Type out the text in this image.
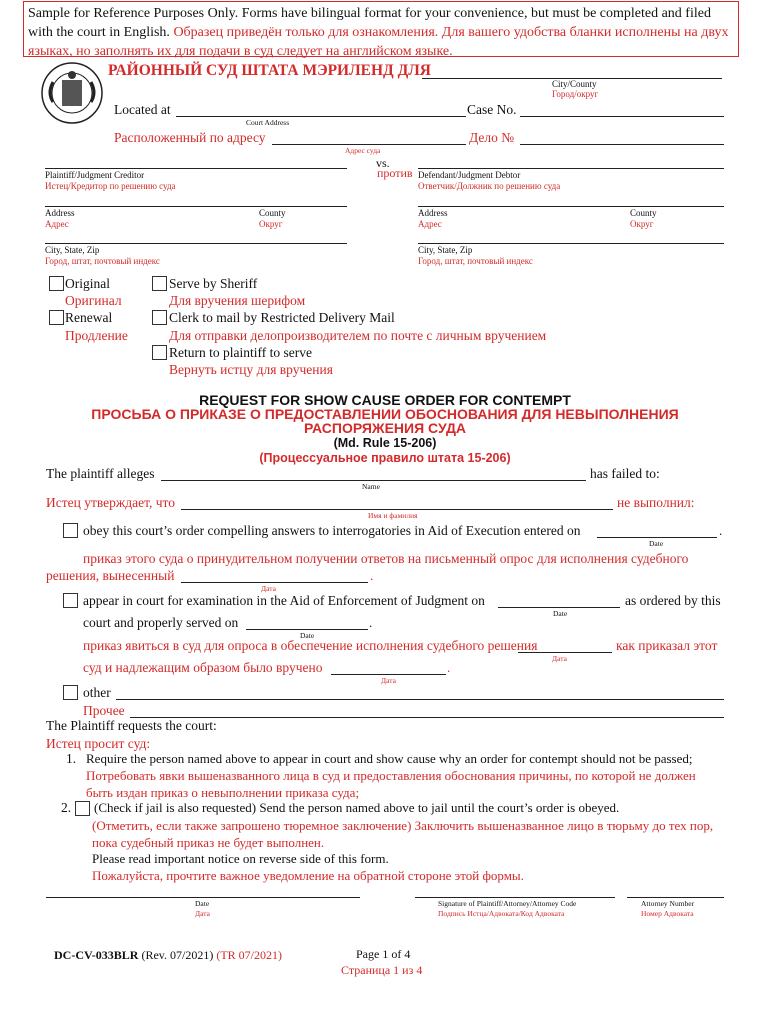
Sample for Reference Purposes Only. Forms have bilingual format for your convenience, but must be completed and filed with the court in English. Образец приведён только для ознакомления. Для вашего удобства бланки исполнены на двух языках, но заполнять их для подачи в суд следует на английском языке.
РАЙОННЫЙ СУД ШТАТА МЭРИЛЕНД ДЛЯ
City/County
Город/округ
Located at
Court Address
Case No.
Расположенный по адресу
Адрес суда
Дело №
vs.
против
Plaintiff/Judgment Creditor
Истец/Кредитор по решению суда
Defendant/Judgment Debtor
Ответчик/Должник по решению суда
Address
Адрес
County
Округ
Address
Адрес
County
Округ
City, State, Zip
Город, штат, почтовый индекс
City, State, Zip
Город, штат, почтовый индекс
Original
Оригинал
Renewal
Продление
Serve by Sheriff
Для вручения шерифом
Clerk to mail by Restricted Delivery Mail
Для отправки делопроизводителем по почте с личным вручением
Return to plaintiff to serve
Вернуть истцу для вручения
REQUEST FOR SHOW CAUSE ORDER FOR CONTEMPT
ПРОСЬБА О ПРИКАЗЕ О ПРЕДОСТАВЛЕНИИ ОБОСНОВАНИЯ ДЛЯ НЕВЫПОЛНЕНИЯ
РАСПОРЯЖЕНИЯ СУДА
(Md. Rule 15-206)
(Процессуальное правило штата 15-206)
The plaintiff alleges
Name
has failed to:
Истец утверждает, что
Имя и фамилия
не выполнил:
obey this court’s order compelling answers to interrogatories in Aid of Execution entered on	.
Date
приказ этого суда о принудительном получении ответов на письменный опрос для исполнения судебного
решения, вынесенный	.
Дата
appear in court for examination in the Aid of Enforcement of Judgment on
Date
as ordered by this
court and properly served on	.
Date
приказ явиться в суд для опроса в обеспечение исполнения судебного решения
Дата
как приказал этот
суд и надлежащим образом было вручено	.
Дата
other
Прочее
The Plaintiff requests the court:
Истец просит суд:
1. Require the person named above to appear in court and show cause why an order for contempt should not be passed;
Потребовать явки вышеназванного лица в суд и предоставления обоснования причины, по которой не должен быть издан приказ о невыполнении приказа суда;
2. (Check if jail is also requested) Send the person named above to jail until the court’s order is obeyed.
(Отметить, если также запрошено тюремное заключение) Заключить вышеназванное лицо в тюрьму до тех пор, пока судебный приказ не будет выполнен.
Please read important notice on reverse side of this form.
Пожалуйста, прочтите важное уведомление на обратной стороне этой формы.
Date
Дата
Signature of Plaintiff/Attorney/Attorney Code
Подпись Истца/Адвоката/Код Адвоката
Attorney Number
Номер Адвоката
DC-CV-033BLR (Rev. 07/2021) (TR 07/2021)	Page 1 of 4
Страница 1 из 4
